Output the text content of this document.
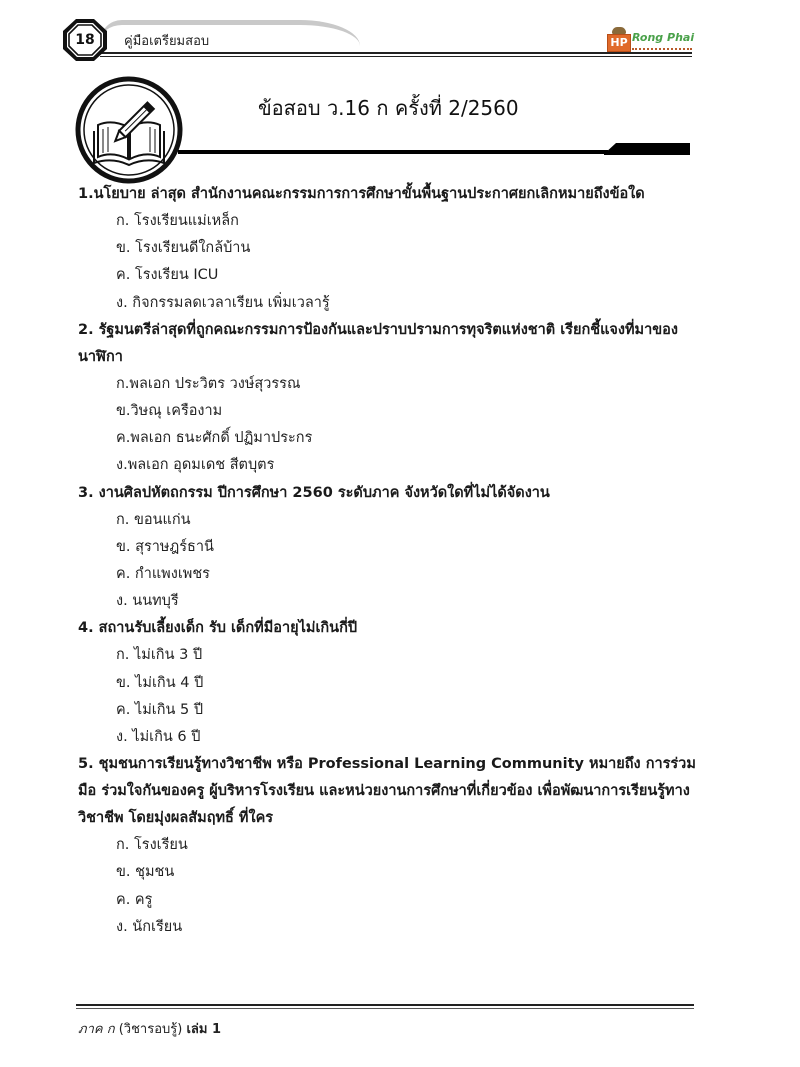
18	คู่มือเตรียมสอบ	HP Rong Phai
ข้อสอบ ว.16 ก ครั้งที่ 2/2560

1.นโยบาย ล่าสุด สำนักงานคณะกรรมการการศึกษาขั้นพื้นฐานประกาศยกเลิกหมายถึงข้อใด

ก. โรงเรียนแม่เหล็ก
ข. โรงเรียนดีใกล้บ้าน
ค. โรงเรียน ICU
ง. กิจกรรมลดเวลาเรียน เพิ่มเวลารู้

2. รัฐมนตรีล่าสุดที่ถูกคณะกรรมการป้องกันและปราบปรามการทุจริตแห่งชาติ เรียกชี้แจงที่มาของนาฬิกา

ก.พลเอก ประวิตร วงษ์สุวรรณ
ข.วิษณุ เครืองาม
ค.พลเอก ธนะศักดิ์ ปฏิมาประกร
ง.พลเอก อุดมเดช สีตบุตร

3. งานศิลปหัตถกรรม ปีการศึกษา 2560 ระดับภาค จังหวัดใดที่ไม่ได้จัดงาน

ก. ขอนแก่น
ข. สุราษฎร์ธานี
ค. กำแพงเพชร
ง. นนทบุรี

4. สถานรับเลี้ยงเด็ก รับ เด็กที่มีอายุไม่เกินกี่ปี

ก. ไม่เกิน 3 ปี
ข. ไม่เกิน 4 ปี
ค. ไม่เกิน 5 ปี
ง. ไม่เกิน 6 ปี

5. ชุมชนการเรียนรู้ทางวิชาชีพ หรือ Professional Learning Community หมายถึง การร่วมมือ ร่วมใจกันของครู ผู้บริหารโรงเรียน และหน่วยงานการศึกษาที่เกี่ยวข้อง เพื่อพัฒนาการเรียนรู้ทางวิชาชีพ โดยมุ่งผลสัมฤทธิ์ ที่ใคร

ก. โรงเรียน
ข. ชุมชน
ค. ครู
ง. นักเรียน
ภาค ก (วิชารอบรู้) เล่ม 1
